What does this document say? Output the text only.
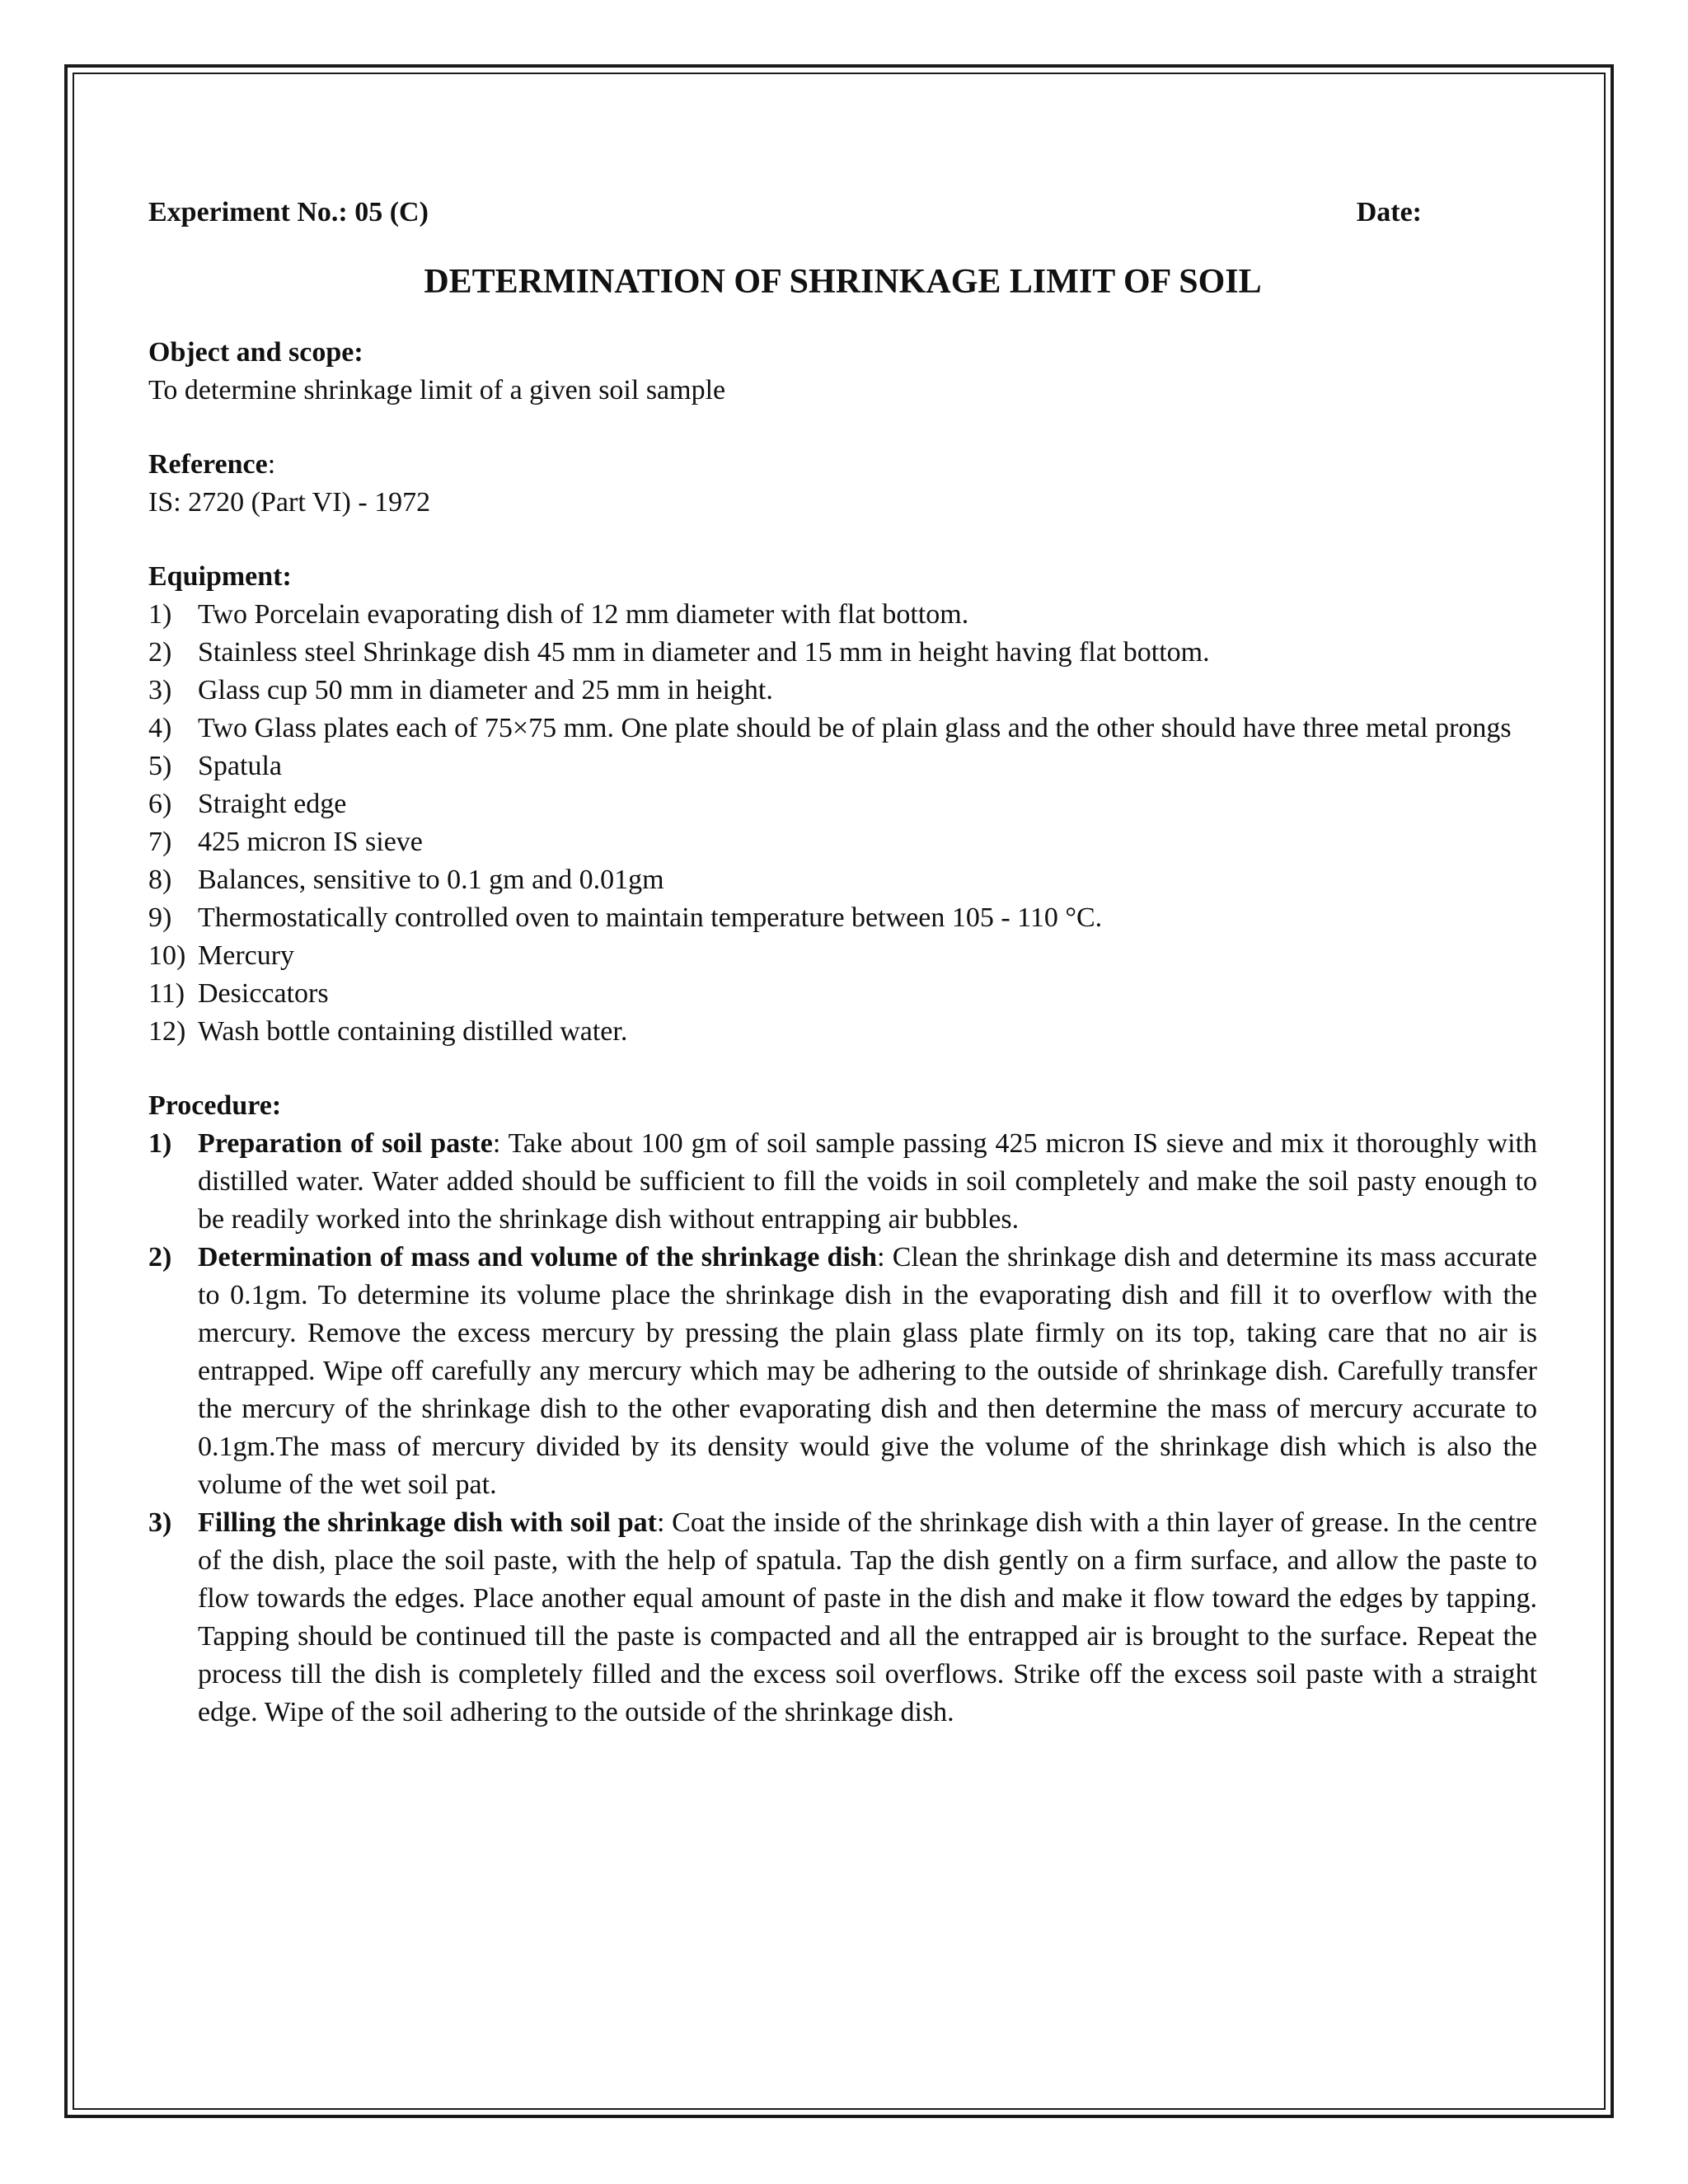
Experiment No.: 05 (C)	Date:
DETERMINATION OF SHRINKAGE LIMIT OF SOIL
Object and scope:
To determine shrinkage limit of a given soil sample
Reference:
IS: 2720 (Part VI) - 1972
Equipment:
1) Two Porcelain evaporating dish of 12 mm diameter with flat bottom.
2) Stainless steel Shrinkage dish 45 mm in diameter and 15 mm in height having flat bottom.
3) Glass cup 50 mm in diameter and 25 mm in height.
4) Two Glass plates each of 75×75 mm. One plate should be of plain glass and the other should have three metal prongs
5) Spatula
6) Straight edge
7) 425 micron IS sieve
8) Balances, sensitive to 0.1 gm and 0.01gm
9) Thermostatically controlled oven to maintain temperature between 105 - 110 °C.
10) Mercury
11) Desiccators
12) Wash bottle containing distilled water.
Procedure:
1) Preparation of soil paste: Take about 100 gm of soil sample passing 425 micron IS sieve and mix it thoroughly with distilled water. Water added should be sufficient to fill the voids in soil completely and make the soil pasty enough to be readily worked into the shrinkage dish without entrapping air bubbles.
2) Determination of mass and volume of the shrinkage dish: Clean the shrinkage dish and determine its mass accurate to 0.1gm. To determine its volume place the shrinkage dish in the evaporating dish and fill it to overflow with the mercury. Remove the excess mercury by pressing the plain glass plate firmly on its top, taking care that no air is entrapped. Wipe off carefully any mercury which may be adhering to the outside of shrinkage dish. Carefully transfer the mercury of the shrinkage dish to the other evaporating dish and then determine the mass of mercury accurate to 0.1gm.The mass of mercury divided by its density would give the volume of the shrinkage dish which is also the volume of the wet soil pat.
3) Filling the shrinkage dish with soil pat: Coat the inside of the shrinkage dish with a thin layer of grease. In the centre of the dish, place the soil paste, with the help of spatula. Tap the dish gently on a firm surface, and allow the paste to flow towards the edges. Place another equal amount of paste in the dish and make it flow toward the edges by tapping. Tapping should be continued till the paste is compacted and all the entrapped air is brought to the surface. Repeat the process till the dish is completely filled and the excess soil overflows. Strike off the excess soil paste with a straight edge. Wipe of the soil adhering to the outside of the shrinkage dish.
